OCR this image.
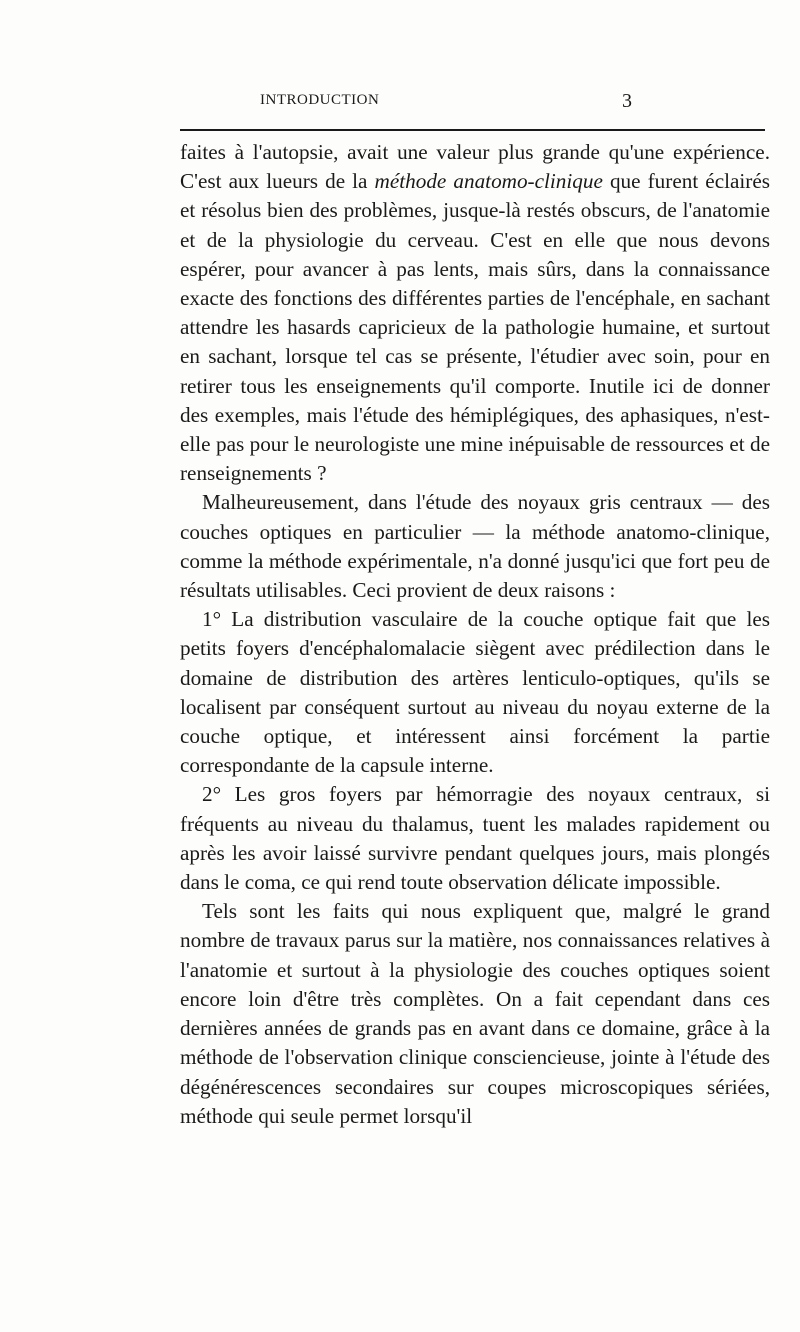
INTRODUCTION	3

faites à l'autopsie, avait une valeur plus grande qu'une expérience. C'est aux lueurs de la méthode anatomo-clinique que furent éclairés et résolus bien des problèmes, jusque-là restés obscurs, de l'anatomie et de la physiologie du cerveau. C'est en elle que nous devons espérer, pour avancer à pas lents, mais sûrs, dans la connaissance exacte des fonctions des différentes parties de l'encéphale, en sachant attendre les hasards capricieux de la pathologie humaine, et surtout en sachant, lorsque tel cas se présente, l'étudier avec soin, pour en retirer tous les enseignements qu'il comporte. Inutile ici de donner des exemples, mais l'étude des hémiplégiques, des aphasiques, n'est-elle pas pour le neurologiste une mine inépuisable de ressources et de renseignements ?

Malheureusement, dans l'étude des noyaux gris centraux — des couches optiques en particulier — la méthode anatomo-clinique, comme la méthode expérimentale, n'a donné jusqu'ici que fort peu de résultats utilisables. Ceci provient de deux raisons :

1° La distribution vasculaire de la couche optique fait que les petits foyers d'encéphalomalacie siègent avec prédilection dans le domaine de distribution des artères lenticulo-optiques, qu'ils se localisent par conséquent surtout au niveau du noyau externe de la couche optique, et intéressent ainsi forcément la partie correspondante de la capsule interne.

2° Les gros foyers par hémorragie des noyaux centraux, si fréquents au niveau du thalamus, tuent les malades rapidement ou après les avoir laissé survivre pendant quelques jours, mais plongés dans le coma, ce qui rend toute observation délicate impossible.

Tels sont les faits qui nous expliquent que, malgré le grand nombre de travaux parus sur la matière, nos connaissances relatives à l'anatomie et surtout à la physiologie des couches optiques soient encore loin d'être très complètes. On a fait cependant dans ces dernières années de grands pas en avant dans ce domaine, grâce à la méthode de l'observation clinique consciencieuse, jointe à l'étude des dégénérescences secondaires sur coupes microscopiques sériées, méthode qui seule permet lorsqu'il
